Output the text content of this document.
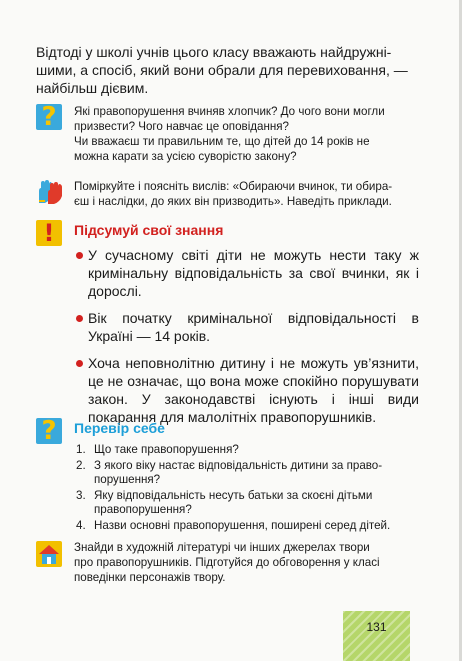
Відтоді у школі учнів цього класу вважають найдружні-

шими, а спосіб, який вони обрали для перевиховання, —

найбільш дієвим.

?	Які правопорушення вчиняв хлопчик? До чого вони могли

призвести? Чого навчає це оповідання?

Чи вважаєш ти правильним те, що дітей до 14 років не

можна карати за усією суворістю закону?

Поміркуйте і поясніть вислів: «Обираючи вчинок, ти обира-

єш і наслідки, до яких він призводить». Наведіть приклади.

!	Підсумуй свої знання
У сучасному світі діти не можуть нести таку ж кримінальну відповідальність за свої вчинки, як і дорослі.
Вік початку кримінальної відповідальності в Україні — 14 років.
Хоча неповнолітню дитину і не можуть ув’язнити, це не означає, що вона може спокійно порушувати закон. У законодавстві існують і інші види покарання для малолітніх правопорушників.
?	Перевір себе
1. Що таке правопорушення?
2. З якого віку настає відповідальність дитини за право-порушення?
3. Яку відповідальність несуть батьки за скоєні дітьми правопорушення?
4. Назви основні правопорушення, поширені серед дітей.

Знайди в художній літературі чи інших джерелах твори

про правопорушників. Підготуйся до обговорення у класі

поведінки персонажів твору.

131
